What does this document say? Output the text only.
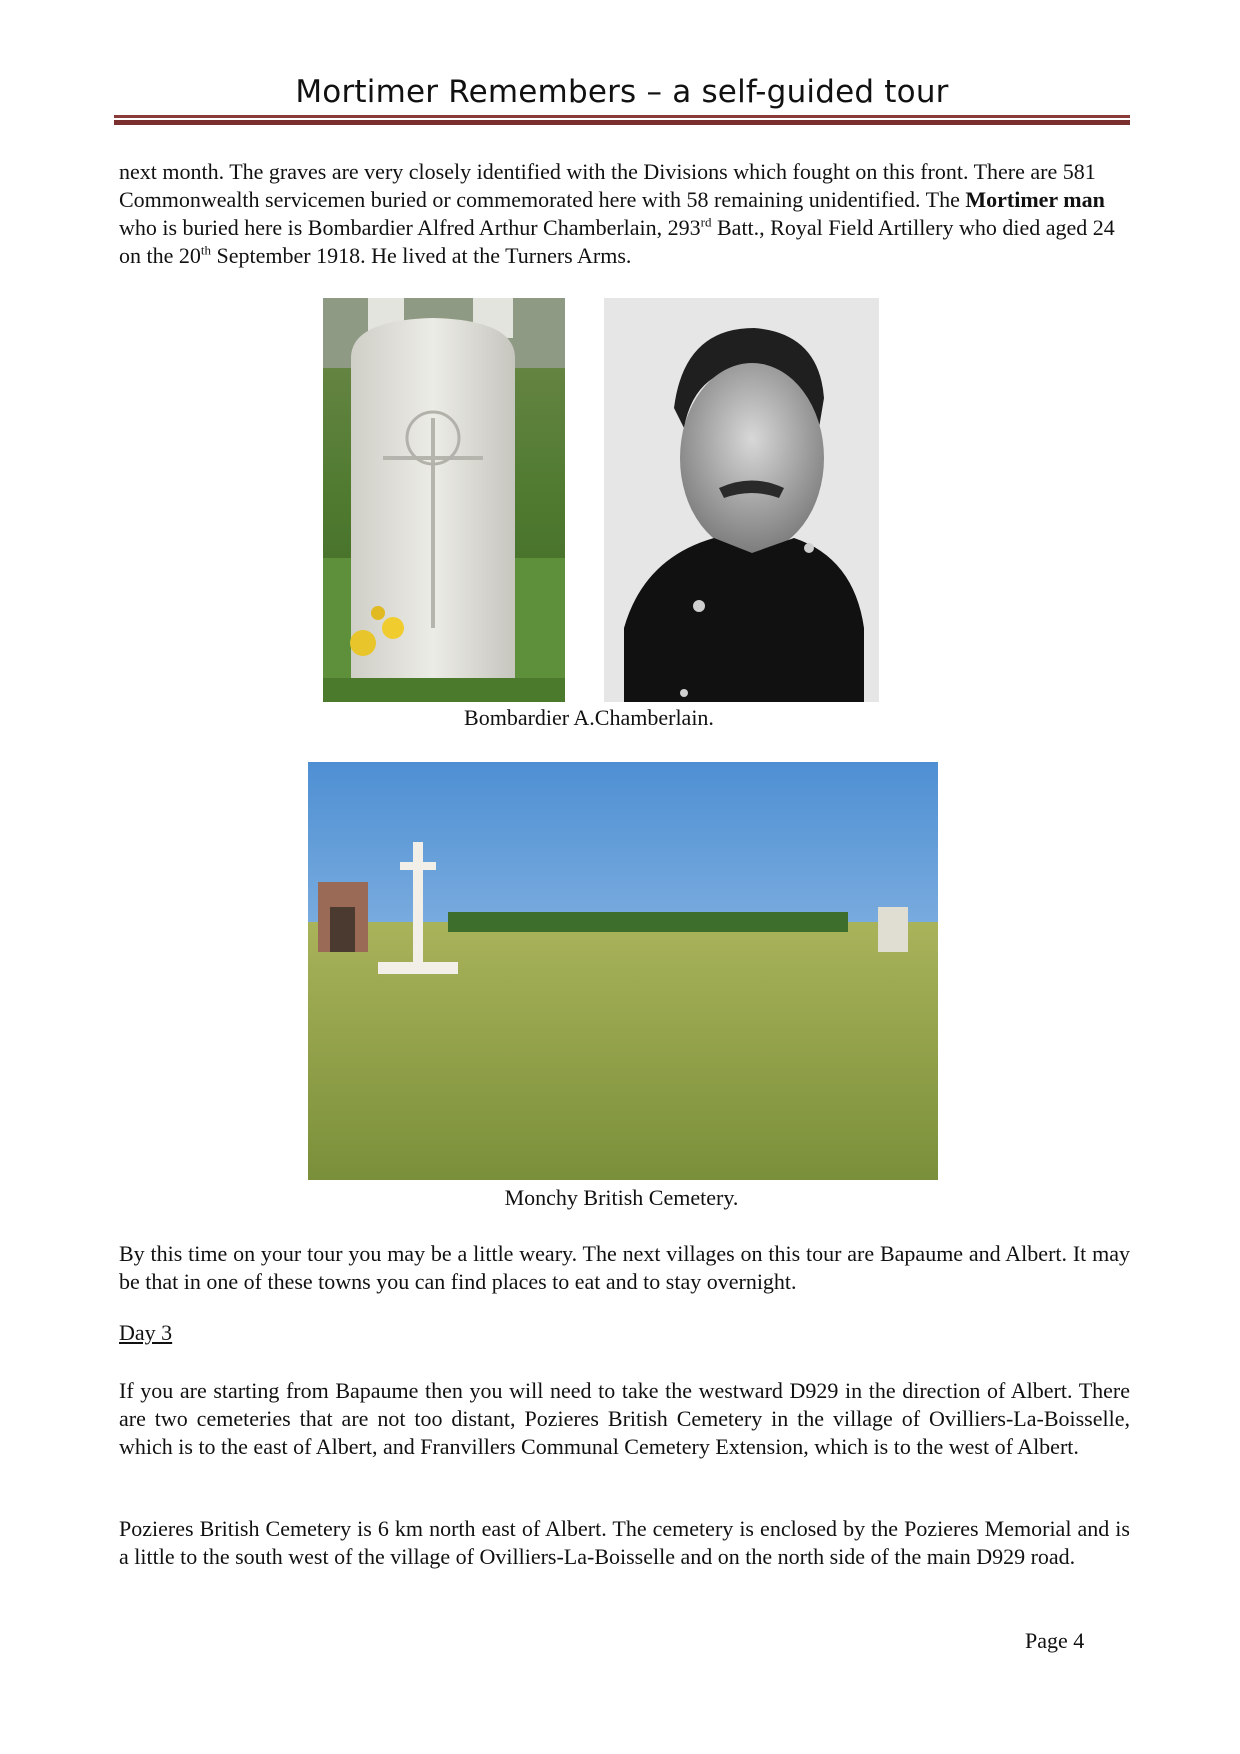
Mortimer Remembers – a self-guided tour

next month. The graves are very closely identified with the Divisions which fought on this front. There are 581 Commonwealth servicemen buried or commemorated here with 58 remaining unidentified. The Mortimer man who is buried here is Bombardier Alfred Arthur Chamberlain, 293rd Batt., Royal Field Artillery who died aged 24 on the 20th September 1918. He lived at the Turners Arms.

Bombardier A.Chamberlain.
Monchy British Cemetery.

By this time on your tour you may be a little weary. The next villages on this tour are Bapaume and Albert. It may be that in one of these towns you can find places to eat and to stay overnight.

Day 3

If you are starting from Bapaume then you will need to take the westward D929 in the direction of Albert. There are two cemeteries that are not too distant, Pozieres British Cemetery in the village of Ovilliers-La-Boisselle, which is to the east of Albert, and Franvillers Communal Cemetery Extension, which is to the west of Albert.

Pozieres British Cemetery is 6 km north east of Albert. The cemetery is enclosed by the Pozieres Memorial and is a little to the south west of the village of Ovilliers-La-Boisselle and on the north side of the main D929 road.

Page 4
